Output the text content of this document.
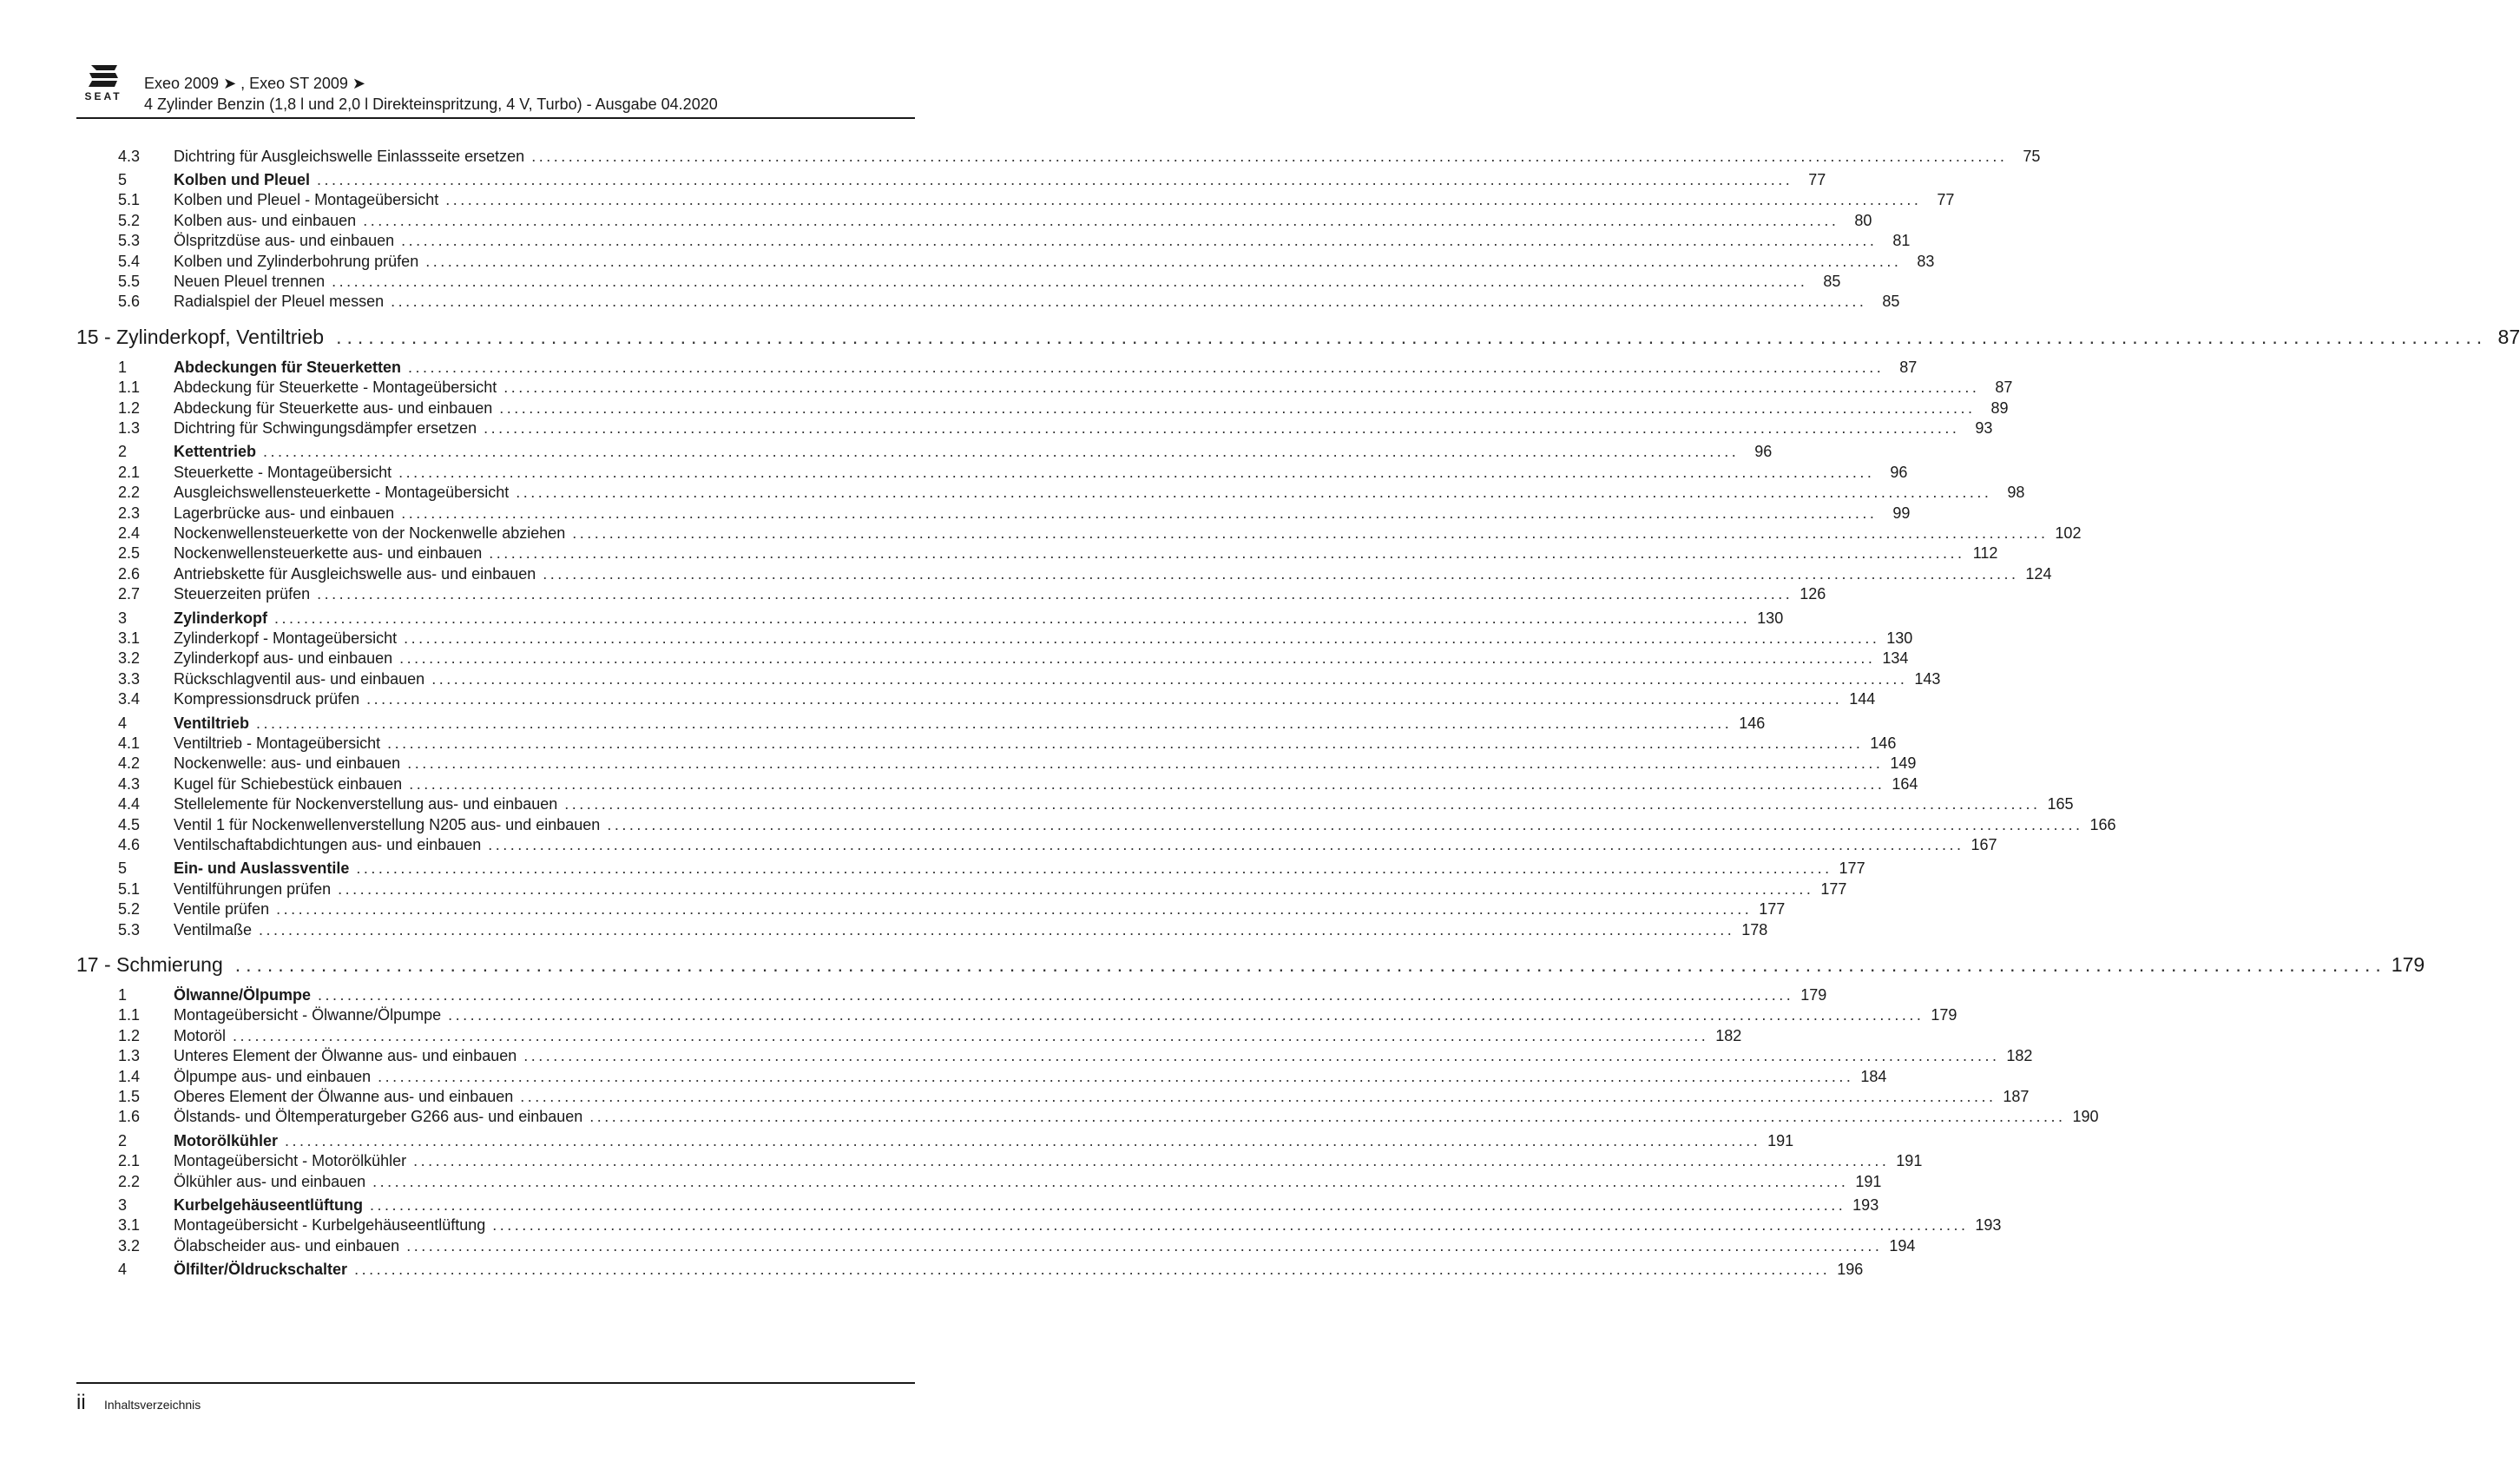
SEAT
Exeo 2009 ➤ , Exeo ST 2009 ➤
4 Zylinder Benzin (1,8 l und 2,0 l Direkteinspritzung, 4 V, Turbo) - Ausgabe 04.2020
4.3	Dichtring für Ausgleichswelle Einlassseite ersetzen ........................................................................................................................................................................................................ 75
5	Kolben und Pleuel ........................................................................................................................................................................................................ 77
5.1	Kolben und Pleuel - Montageübersicht ........................................................................................................................................................................................................ 77
5.2	Kolben aus- und einbauen ........................................................................................................................................................................................................ 80
5.3	Ölspritzdüse aus- und einbauen ........................................................................................................................................................................................................ 81
5.4	Kolben und Zylinderbohrung prüfen ........................................................................................................................................................................................................ 83
5.5	Neuen Pleuel trennen ........................................................................................................................................................................................................ 85
5.6	Radialspiel der Pleuel messen ........................................................................................................................................................................................................ 85
15 - Zylinderkopf, Ventiltrieb ........................................................................................................................................................................................................ 87
1	Abdeckungen für Steuerketten ........................................................................................................................................................................................................ 87
1.1	Abdeckung für Steuerkette - Montageübersicht ........................................................................................................................................................................................................ 87
1.2	Abdeckung für Steuerkette aus- und einbauen ........................................................................................................................................................................................................ 89
1.3	Dichtring für Schwingungsdämpfer ersetzen ........................................................................................................................................................................................................ 93
2	Kettentrieb ........................................................................................................................................................................................................ 96
2.1	Steuerkette - Montageübersicht ........................................................................................................................................................................................................ 96
2.2	Ausgleichswellensteuerkette - Montageübersicht ........................................................................................................................................................................................................ 98
2.3	Lagerbrücke aus- und einbauen ........................................................................................................................................................................................................ 99
2.4	Nockenwellensteuerkette von der Nockenwelle abziehen ........................................................................................................................................................................................................ 102
2.5	Nockenwellensteuerkette aus- und einbauen ........................................................................................................................................................................................................ 112
2.6	Antriebskette für Ausgleichswelle aus- und einbauen ........................................................................................................................................................................................................ 124
2.7	Steuerzeiten prüfen ........................................................................................................................................................................................................ 126
3	Zylinderkopf ........................................................................................................................................................................................................ 130
3.1	Zylinderkopf - Montageübersicht ........................................................................................................................................................................................................ 130
3.2	Zylinderkopf aus- und einbauen ........................................................................................................................................................................................................ 134
3.3	Rückschlagventil aus- und einbauen ........................................................................................................................................................................................................ 143
3.4	Kompressionsdruck prüfen ........................................................................................................................................................................................................ 144
4	Ventiltrieb ........................................................................................................................................................................................................ 146
4.1	Ventiltrieb - Montageübersicht ........................................................................................................................................................................................................ 146
4.2	Nockenwelle: aus- und einbauen ........................................................................................................................................................................................................ 149
4.3	Kugel für Schiebestück einbauen ........................................................................................................................................................................................................ 164
4.4	Stellelemente für Nockenverstellung aus- und einbauen ........................................................................................................................................................................................................ 165
4.5	Ventil 1 für Nockenwellenverstellung N205 aus- und einbauen ........................................................................................................................................................................................................ 166
4.6	Ventilschaftabdichtungen aus- und einbauen ........................................................................................................................................................................................................ 167
5	Ein- und Auslassventile ........................................................................................................................................................................................................ 177
5.1	Ventilführungen prüfen ........................................................................................................................................................................................................ 177
5.2	Ventile prüfen ........................................................................................................................................................................................................ 177
5.3	Ventilmaße ........................................................................................................................................................................................................ 178
17 - Schmierung ........................................................................................................................................................................................................ 179
1	Ölwanne/Ölpumpe ........................................................................................................................................................................................................ 179
1.1	Montageübersicht - Ölwanne/Ölpumpe ........................................................................................................................................................................................................ 179
1.2	Motoröl ........................................................................................................................................................................................................ 182
1.3	Unteres Element der Ölwanne aus- und einbauen ........................................................................................................................................................................................................ 182
1.4	Ölpumpe aus- und einbauen ........................................................................................................................................................................................................ 184
1.5	Oberes Element der Ölwanne aus- und einbauen ........................................................................................................................................................................................................ 187
1.6	Ölstands- und Öltemperaturgeber G266 aus- und einbauen ........................................................................................................................................................................................................ 190
2	Motorölkühler ........................................................................................................................................................................................................ 191
2.1	Montageübersicht - Motorölkühler ........................................................................................................................................................................................................ 191
2.2	Ölkühler aus- und einbauen ........................................................................................................................................................................................................ 191
3	Kurbelgehäuseentlüftung ........................................................................................................................................................................................................ 193
3.1	Montageübersicht - Kurbelgehäuseentlüftung ........................................................................................................................................................................................................ 193
3.2	Ölabscheider aus- und einbauen ........................................................................................................................................................................................................ 194
4	Ölfilter/Öldruckschalter ........................................................................................................................................................................................................ 196
ii Inhaltsverzeichnis
